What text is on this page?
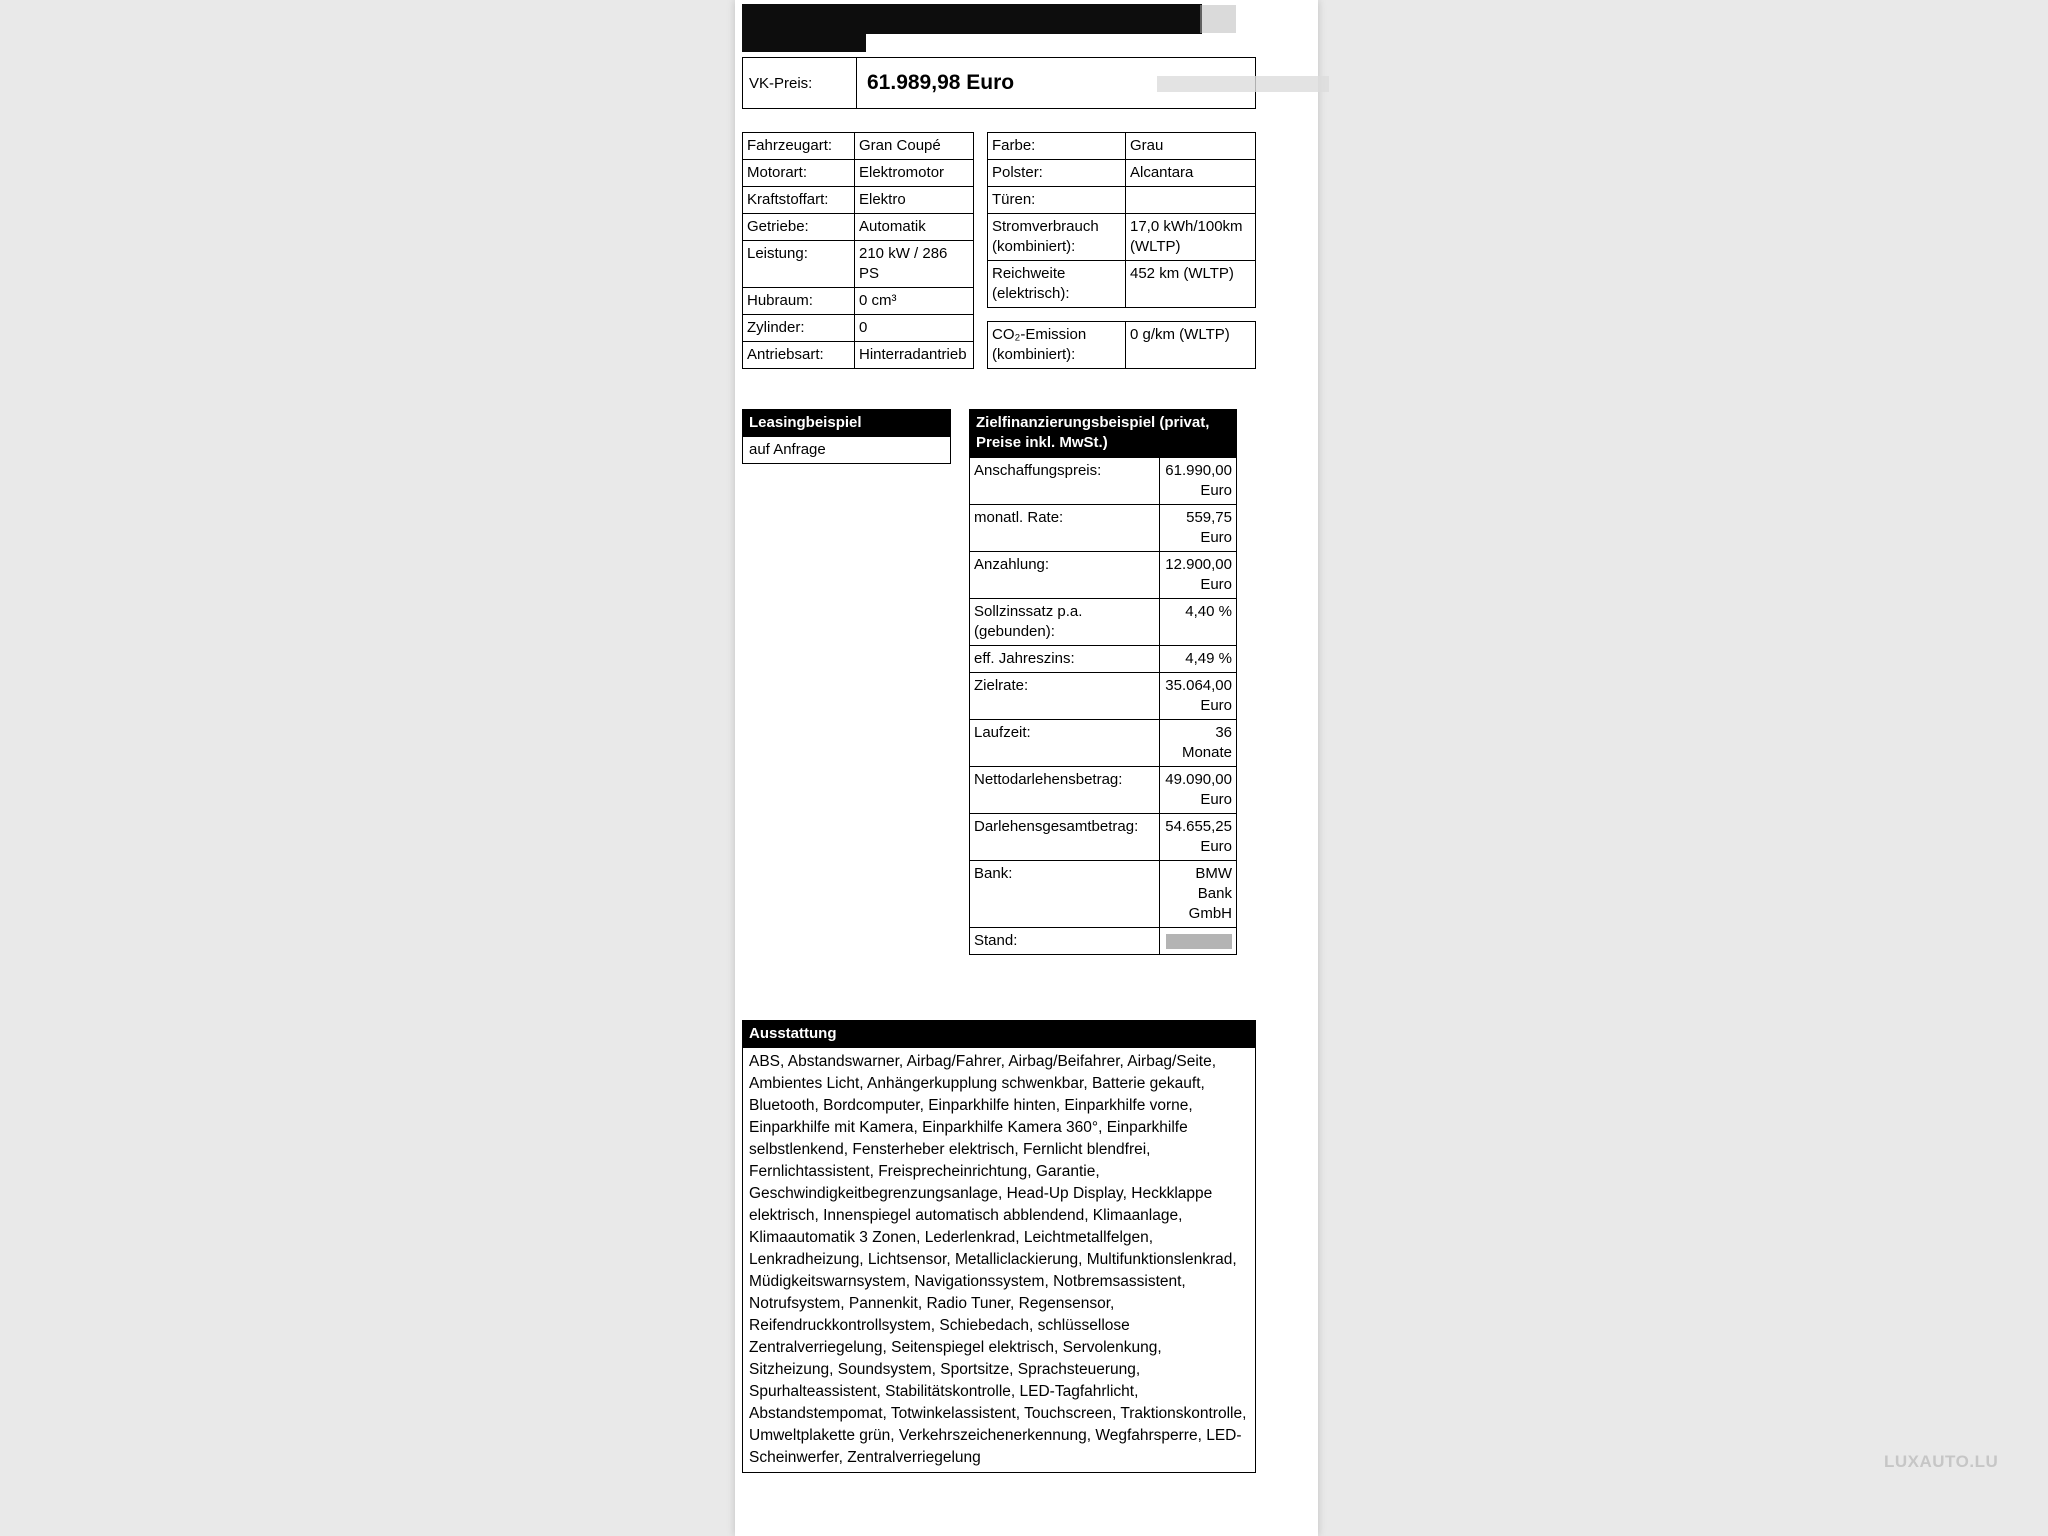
VK-Preis:	61.989,98 Euro
Fahrzeugart:	Gran Coupé
Motorart:	Elektromotor
Kraftstoffart:	Elektro
Getriebe:	Automatik
Leistung:	210 kW / 286 PS
Hubraum:	0 cm³
Zylinder:	0
Antriebsart:	Hinterradantrieb
Farbe:	Grau
Polster:	Alcantara
Türen:	
Stromverbrauch (kombiniert):	17,0 kWh/100km (WLTP)
Reichweite (elektrisch):	452 km (WLTP)
CO₂-Emission (kombiniert):	0 g/km (WLTP)
Leasingbeispiel
auf Anfrage
Zielfinanzierungsbeispiel (privat, Preise inkl. MwSt.)
Anschaffungspreis:	61.990,00 Euro
monatl. Rate:	559,75 Euro
Anzahlung:	12.900,00 Euro
Sollzinssatz p.a. (gebunden):	4,40 %
eff. Jahreszins:	4,49 %
Zielrate:	35.064,00 Euro
Laufzeit:	36 Monate
Nettodarlehensbetrag:	49.090,00 Euro
Darlehensgesamtbetrag:	54.655,25 Euro
Bank:	BMW Bank GmbH
Stand:	
Ausstattung
ABS, Abstandswarner, Airbag/Fahrer, Airbag/Beifahrer, Airbag/Seite, Ambientes Licht, Anhängerkupplung schwenkbar, Batterie gekauft, Bluetooth, Bordcomputer, Einparkhilfe hinten, Einparkhilfe vorne, Einparkhilfe mit Kamera, Einparkhilfe Kamera 360°, Einparkhilfe selbstlenkend, Fensterheber elektrisch, Fernlicht blendfrei, Fernlichtassistent, Freisprecheinrichtung, Garantie, Geschwindigkeitbegrenzungsanlage, Head-Up Display, Heckklappe elektrisch, Innenspiegel automatisch abblendend, Klimaanlage, Klimaautomatik 3 Zonen, Lederlenkrad, Leichtmetallfelgen, Lenkradheizung, Lichtsensor, Metalliclackierung, Multifunktionslenkrad, Müdigkeitswarnsystem, Navigationssystem, Notbremsassistent, Notrufsystem, Pannenkit, Radio Tuner, Regensensor, Reifendruckkontrollsystem, Schiebedach, schlüssellose Zentralverriegelung, Seitenspiegel elektrisch, Servolenkung, Sitzheizung, Soundsystem, Sportsitze, Sprachsteuerung, Spurhalteassistent, Stabilitätskontrolle, LED-Tagfahrlicht, Abstandstempomat, Totwinkelassistent, Touchscreen, Traktionskontrolle, Umweltplakette grün, Verkehrszeichenerkennung, Wegfahrsperre, LED-Scheinwerfer, Zentralverriegelung	LUXAUTO.LU
